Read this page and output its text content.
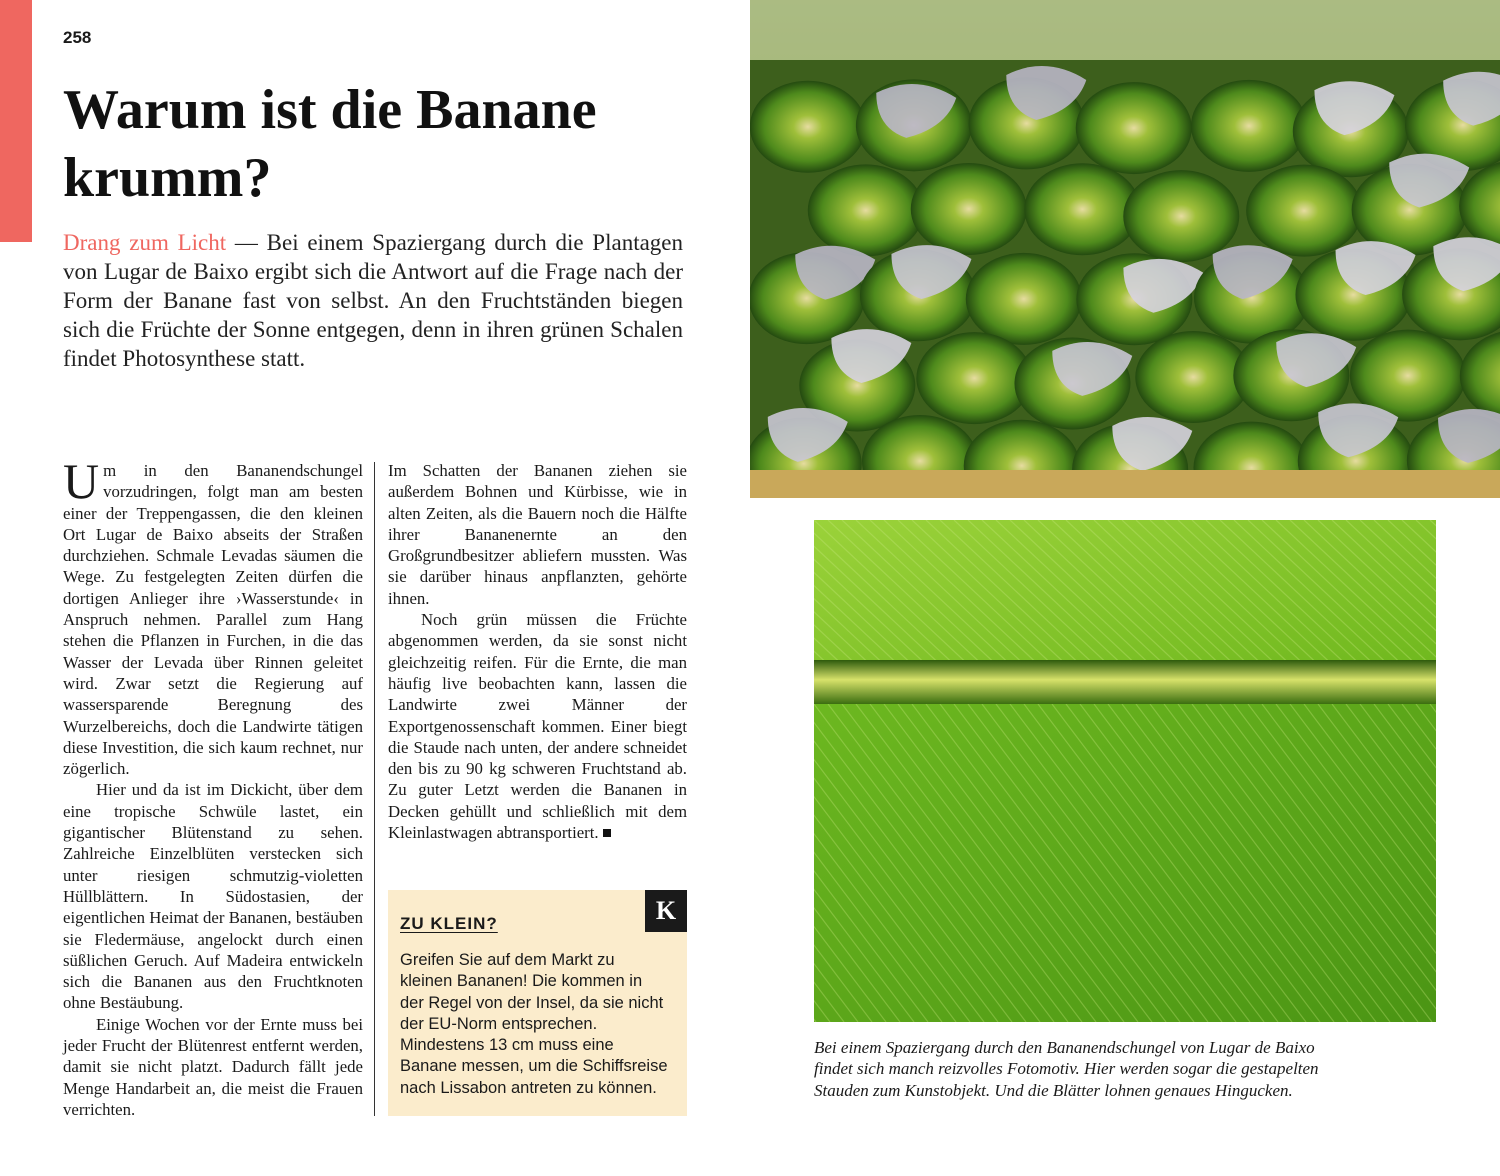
258
Warum ist die Banane
krumm?

Drang zum Licht — Bei einem Spaziergang durch die Plantagen von Lugar de Baixo ergibt sich die Antwort auf die Frage nach der Form der Banane fast von selbst. An den Fruchtständen biegen sich die Früchte der Sonne entgegen, denn in ihren grünen Schalen findet Photosynthese statt.

Um in den Bananendschungel vorzudringen, folgt man am besten einer der Treppengassen, die den kleinen Ort Lugar de Baixo abseits der Straßen durchziehen. Schmale Levadas säumen die Wege. Zu festgelegten Zeiten dürfen die dortigen Anlieger ihre ›Wasserstunde‹ in Anspruch nehmen. Parallel zum Hang stehen die Pflanzen in Furchen, in die das Wasser der Levada über Rinnen geleitet wird. Zwar setzt die Regierung auf wassersparende Beregnung des Wurzelbereichs, doch die Landwirte tätigen diese Investition, die sich kaum rechnet, nur zögerlich.

Hier und da ist im Dickicht, über dem eine tropische Schwüle lastet, ein gigantischer Blütenstand zu sehen. Zahlreiche Einzelblüten verstecken sich unter riesigen schmutzig-violetten Hüllblättern. In Südostasien, der eigentlichen Heimat der Bananen, bestäuben sie Fledermäuse, angelockt durch einen süßlichen Geruch. Auf Madeira entwickeln sich die Bananen aus den Fruchtknoten ohne Bestäubung.

Einige Wochen vor der Ernte muss bei jeder Frucht der Blütenrest entfernt werden, damit sie nicht platzt. Dadurch fällt jede Menge Handarbeit an, die meist die Frauen verrichten.

Im Schatten der Bananen ziehen sie außerdem Bohnen und Kürbisse, wie in alten Zeiten, als die Bauern noch die Hälfte ihrer Bananenernte an den Großgrundbesitzer abliefern mussten. Was sie darüber hinaus anpflanzten, gehörte ihnen.

Noch grün müssen die Früchte abgenommen werden, da sie sonst nicht gleichzeitig reifen. Für die Ernte, die man häufig live beobachten kann, lassen die Landwirte zwei Männer der Exportgenossenschaft kommen. Einer biegt die Staude nach unten, der andere schneidet den bis zu 90 kg schweren Fruchtstand ab. Zu guter Letzt werden die Bananen in Decken gehüllt und schließlich mit dem Kleinlastwagen abtransportiert.

K
ZU KLEIN?

Greifen Sie auf dem Markt zu kleinen Bananen! Die kommen in der Regel von der Insel, da sie nicht der EU-Norm entsprechen. Mindestens 13 cm muss eine Banane messen, um die Schiffsreise nach Lissabon antreten zu können.

Bei einem Spaziergang durch den Bananendschungel von Lugar de Baixo findet sich manch reizvolles Fotomotiv. Hier werden sogar die gestapelten Stauden zum Kunstobjekt. Und die Blätter lohnen genaues Hingucken.
